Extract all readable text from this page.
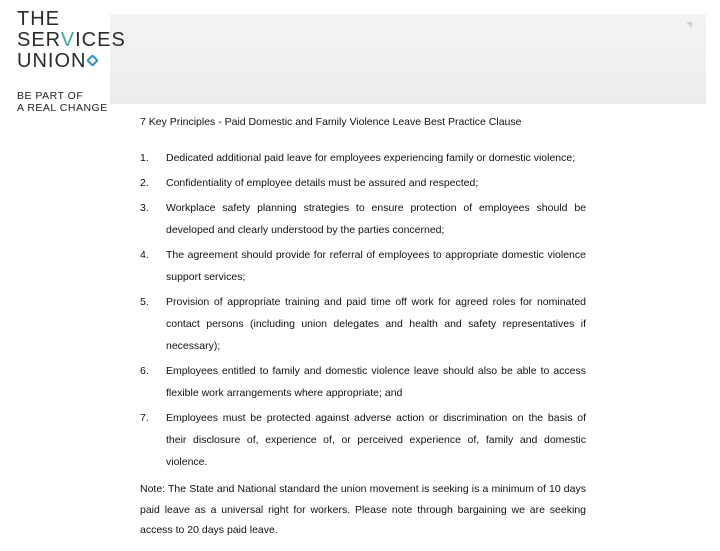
THE
SERVICES
UNION
BE PART OF
A REAL CHANGE
7 Key Principles - Paid Domestic and Family Violence Leave Best Practice Clause
1. Dedicated additional paid leave for employees experiencing family or domestic violence;
2. Confidentiality of employee details must be assured and respected;
3. Workplace safety planning strategies to ensure protection of employees should be developed and clearly understood by the parties concerned;
4. The agreement should provide for referral of employees to appropriate domestic violence support services;
5. Provision of appropriate training and paid time off work for agreed roles for nominated contact persons (including union delegates and health and safety representatives if necessary);
6. Employees entitled to family and domestic violence leave should also be able to access flexible work arrangements where appropriate; and
7. Employees must be protected against adverse action or discrimination on the basis of their disclosure of, experience of, or perceived experience of, family and domestic violence.

Note: The State and National standard the union movement is seeking is a minimum of 10 days paid leave as a universal right for workers. Please note through bargaining we are seeking access to 20 days paid leave.
